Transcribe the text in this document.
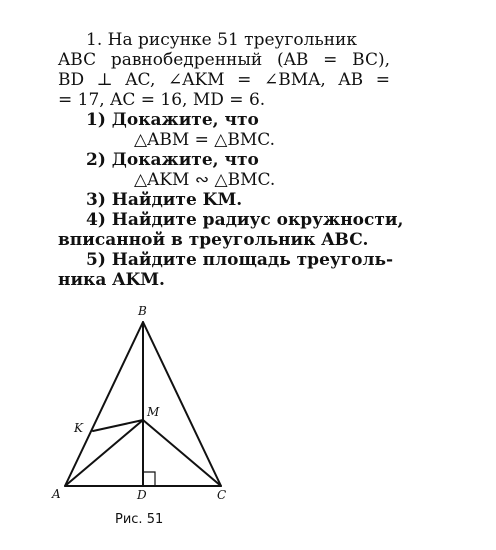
1. На рисунке 51 треугольник
ABC равнобедренный (AB = BC),
BD ⊥ AC, ∠AKM = ∠BMA, AB =
= 17, AC = 16, MD = 6.
1) Докажите, что
△ABM = △BMC.
2) Докажите, что
△AKM ∾ △BMC.
3) Найдите KM.
4) Найдите радиус окружности,
вписанной в треугольник ABC.
5) Найдите площадь треуголь-
ника AKM.
B
M
K
A	D	C
Рис. 51
